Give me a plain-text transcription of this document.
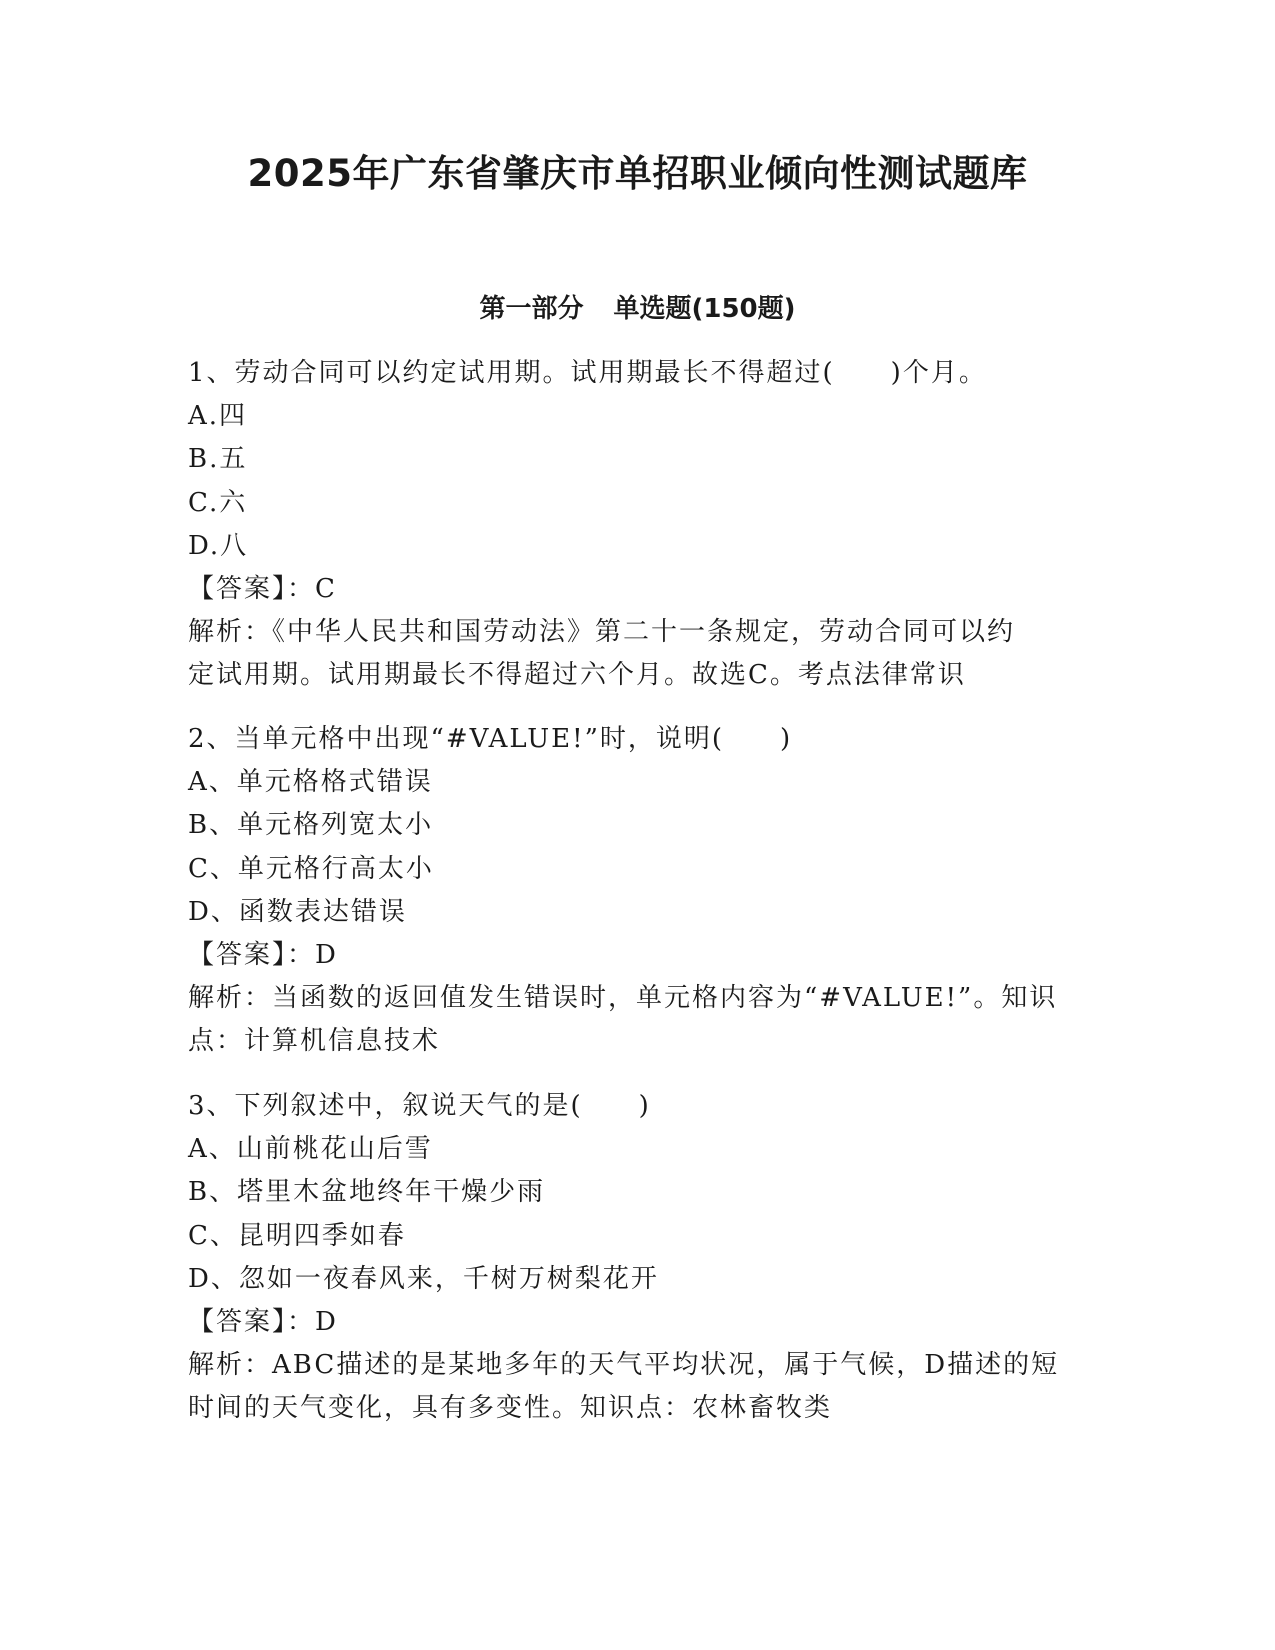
2025年广东省肇庆市单招职业倾向性测试题库
第一部分 单选题(150题)
1、劳动合同可以约定试用期。试用期最长不得超过(　　)个月。
A.四
B.五
C.六
D.八
【答案】：C
解析：《中华人民共和国劳动法》第二十一条规定，劳动合同可以约
定试用期。试用期最长不得超过六个月。故选C。考点法律常识
2、当单元格中出现“#VALUE!”时，说明(　　)
A、单元格格式错误
B、单元格列宽太小
C、单元格行高太小
D、函数表达错误
【答案】：D
解析：当函数的返回值发生错误时，单元格内容为“#VALUE!”。知识
点：计算机信息技术
3、下列叙述中，叙说天气的是(　　)
A、山前桃花山后雪
B、塔里木盆地终年干燥少雨
C、昆明四季如春
D、忽如一夜春风来，千树万树梨花开
【答案】：D
解析：ABC描述的是某地多年的天气平均状况，属于气候，D描述的短
时间的天气变化，具有多变性。知识点：农林畜牧类
